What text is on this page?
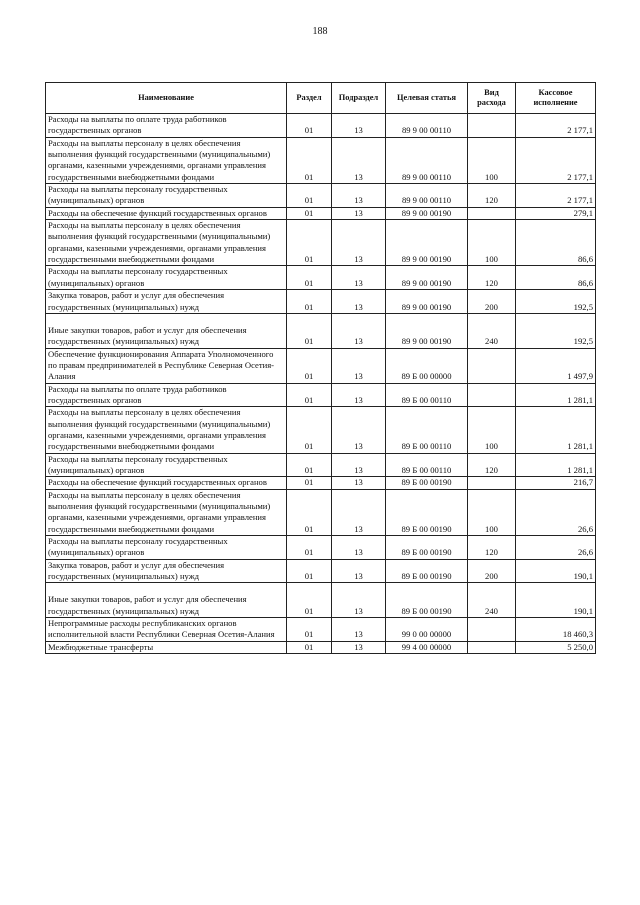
188
Наименование	Раздел	Подраздел	Целевая статья	Вид расхода	Кассовое исполнение
Расходы на выплаты по оплате труда работников государственных органов	01	13	89 9 00 00110		2 177,1
Расходы на выплаты персоналу в целях обеспечения выполнения функций государственными (муниципальными) органами, казенными учреждениями, органами управления государственными внебюджетными фондами	01	13	89 9 00 00110	100	2 177,1
Расходы на выплаты персоналу государственных (муниципальных) органов	01	13	89 9 00 00110	120	2 177,1
Расходы на обеспечение функций государственных органов	01	13	89 9 00 00190		279,1
Расходы на выплаты персоналу в целях обеспечения выполнения функций государственными (муниципальными) органами, казенными учреждениями, органами управления государственными внебюджетными фондами	01	13	89 9 00 00190	100	86,6
Расходы на выплаты персоналу государственных (муниципальных) органов	01	13	89 9 00 00190	120	86,6
Закупка товаров, работ и услуг для обеспечения государственных (муниципальных) нужд	01	13	89 9 00 00190	200	192,5
Иные закупки товаров, работ и услуг для обеспечения государственных (муниципальных) нужд	01	13	89 9 00 00190	240	192,5
Обеспечение функционирования Аппарата Уполномоченного по правам предпринимателей в Республике Северная Осетия-Алания	01	13	89 Б 00 00000		1 497,9
Расходы на выплаты по оплате труда работников государственных органов	01	13	89 Б 00 00110		1 281,1
Расходы на выплаты персоналу в целях обеспечения выполнения функций государственными (муниципальными) органами, казенными учреждениями, органами управления государственными внебюджетными фондами	01	13	89 Б 00 00110	100	1 281,1
Расходы на выплаты персоналу государственных (муниципальных) органов	01	13	89 Б 00 00110	120	1 281,1
Расходы на обеспечение функций государственных органов	01	13	89 Б 00 00190		216,7
Расходы на выплаты персоналу в целях обеспечения выполнения функций государственными (муниципальными) органами, казенными учреждениями, органами управления государственными внебюджетными фондами	01	13	89 Б 00 00190	100	26,6
Расходы на выплаты персоналу государственных (муниципальных) органов	01	13	89 Б 00 00190	120	26,6
Закупка товаров, работ и услуг для обеспечения государственных (муниципальных) нужд	01	13	89 Б 00 00190	200	190,1
Иные закупки товаров, работ и услуг для обеспечения государственных (муниципальных) нужд	01	13	89 Б 00 00190	240	190,1
Непрограммные расходы республиканских органов исполнительной власти Республики Северная Осетия-Алания	01	13	99 0 00 00000		18 460,3
Межбюджетные трансферты	01	13	99 4 00 00000		5 250,0
